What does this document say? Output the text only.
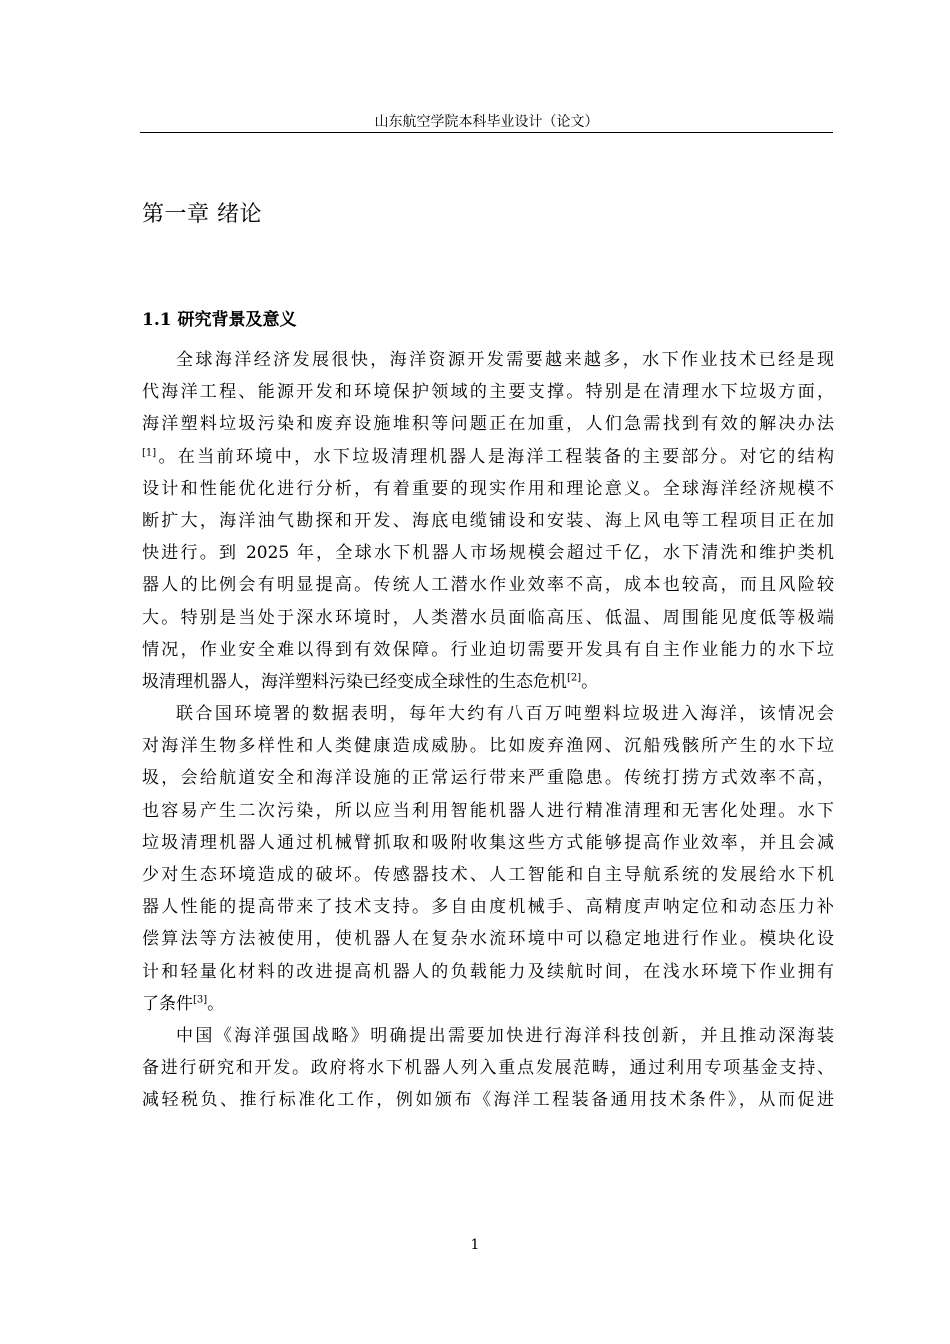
山东航空学院本科毕业设计（论文）
第一章 绪论
1.1 研究背景及意义
全球海洋经济发展很快，海洋资源开发需要越来越多，水下作业技术已经是现
代海洋工程、能源开发和环境保护领域的主要支撑。特别是在清理水下垃圾方面，
海洋塑料垃圾污染和废弃设施堆积等问题正在加重，人们急需找到有效的解决办法
[1]。在当前环境中，水下垃圾清理机器人是海洋工程装备的主要部分。对它的结构
设计和性能优化进行分析，有着重要的现实作用和理论意义。全球海洋经济规模不
断扩大，海洋油气勘探和开发、海底电缆铺设和安装、海上风电等工程项目正在加
快进行。到 2025 年，全球水下机器人市场规模会超过千亿，水下清洗和维护类机
器人的比例会有明显提高。传统人工潜水作业效率不高，成本也较高，而且风险较
大。特别是当处于深水环境时，人类潜水员面临高压、低温、周围能见度低等极端
情况，作业安全难以得到有效保障。行业迫切需要开发具有自主作业能力的水下垃
圾清理机器人，海洋塑料污染已经变成全球性的生态危机[2]。
联合国环境署的数据表明，每年大约有八百万吨塑料垃圾进入海洋，该情况会
对海洋生物多样性和人类健康造成威胁。比如废弃渔网、沉船残骸所产生的水下垃
圾，会给航道安全和海洋设施的正常运行带来严重隐患。传统打捞方式效率不高，
也容易产生二次污染，所以应当利用智能机器人进行精准清理和无害化处理。水下
垃圾清理机器人通过机械臂抓取和吸附收集这些方式能够提高作业效率，并且会减
少对生态环境造成的破坏。传感器技术、人工智能和自主导航系统的发展给水下机
器人性能的提高带来了技术支持。多自由度机械手、高精度声呐定位和动态压力补
偿算法等方法被使用，使机器人在复杂水流环境中可以稳定地进行作业。模块化设
计和轻量化材料的改进提高机器人的负载能力及续航时间，在浅水环境下作业拥有
了条件[3]。
中国《海洋强国战略》明确提出需要加快进行海洋科技创新，并且推动深海装
备进行研究和开发。政府将水下机器人列入重点发展范畴，通过利用专项基金支持、
减轻税负、推行标准化工作，例如颁布《海洋工程装备通用技术条件》，从而促进
1
